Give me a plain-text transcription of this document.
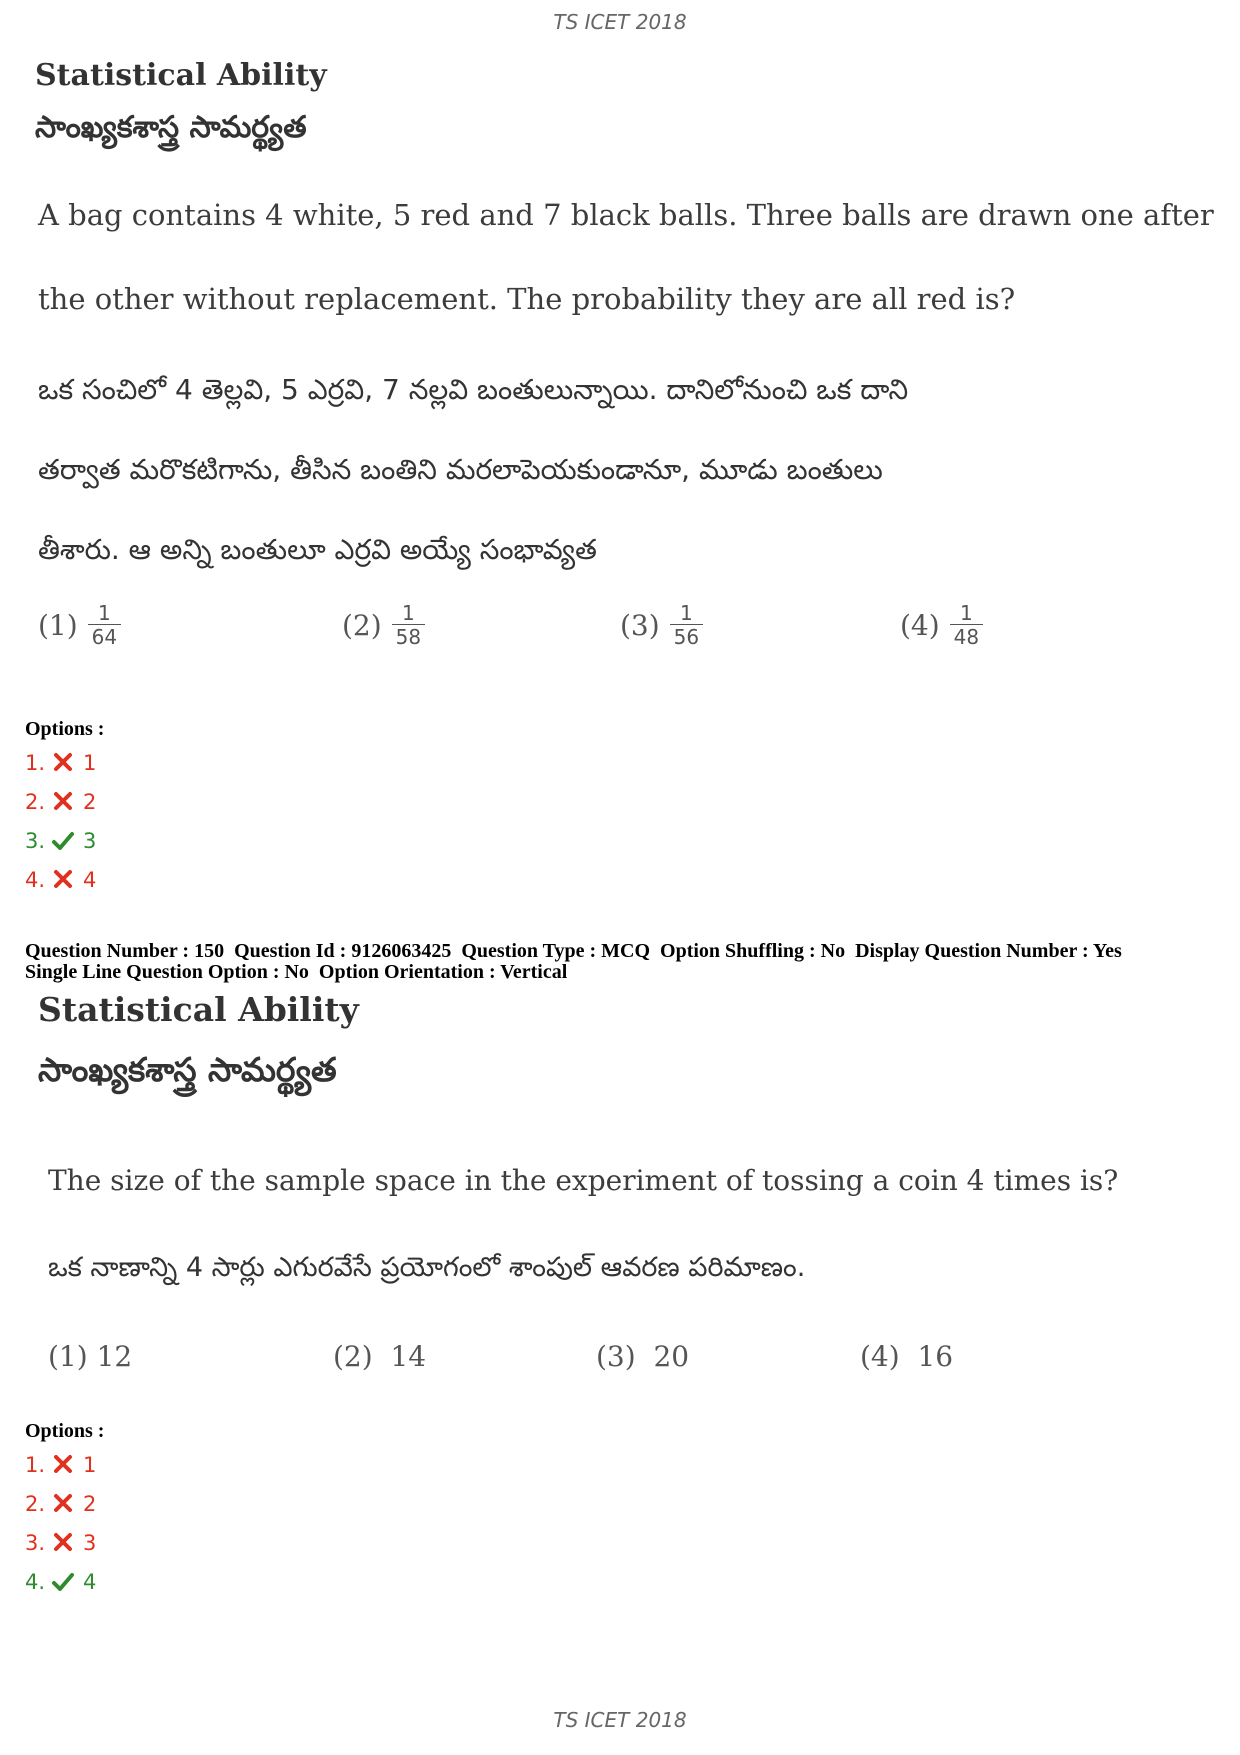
TS ICET 2018
Statistical Ability
సాంఖ్యకశాస్త్ర సామర్థ్యత
A bag contains 4 white, 5 red and 7 black balls. Three balls are drawn one after
the other without replacement. The probability they are all red is?
ఒక సంచిలో 4 తెల్లవి, 5 ఎర్రవి, 7 నల్లవి బంతులున్నాయి. దానిలోనుంచి ఒక దాని
తర్వాత మరొకటిగాను, తీసిన బంతిని మరలాపెయకుండానూ, మూడు బంతులు
తీశారు. ఆ అన్ని బంతులూ ఎర్రవి అయ్యే సంభావ్యత
$(1) \frac{1}{64}$	$(2) \frac{1}{58}$	$(3) \frac{1}{56}$	$(4) \frac{1}{48}$
Options :
1. 1
2. 2
3. 3
4. 4
Question Number : 150  Question Id : 9126063425  Question Type : MCQ  Option Shuffling : No  Display Question Number : Yes
Single Line Question Option : No  Option Orientation : Vertical
Statistical Ability
సాంఖ్యకశాస్త్ర సామర్థ్యత
The size of the sample space in the experiment of tossing a coin 4 times is?
ఒక నాణాన్ని 4 సార్లు ఎగురవేసే ప్రయోగంలో శాంపుల్ ఆవరణ పరిమాణం.
(1)
12	(2)
14	(3)
20	(4)
16
Options :
1. 1
2. 2
3. 3
4. 4
TS ICET 2018
